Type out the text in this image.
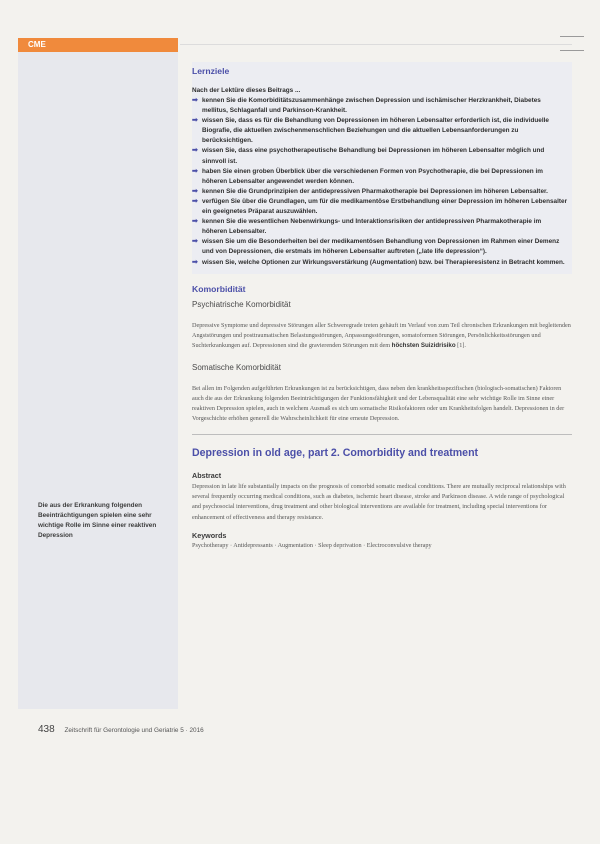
CME
Die aus der Erkrankung folgenden Beeinträchtigungen spielen eine sehr wichtige Rolle im Sinne einer reaktiven Depression
Lernziele
Nach der Lektüre dieses Beitrags ...
➡ kennen Sie die Komorbiditätszusammenhänge zwischen Depression und ischämischer Herzkrankheit, Diabetes mellitus, Schlaganfall und Parkinson-Krankheit.
➡ wissen Sie, dass es für die Behandlung von Depressionen im höheren Lebensalter erforderlich ist, die individuelle Biografie, die aktuellen zwischenmenschlichen Beziehungen und die aktuellen Lebensanforderungen zu berücksichtigen.
➡ wissen Sie, dass eine psychotherapeutische Behandlung bei Depressionen im höheren Lebensalter möglich und sinnvoll ist.
➡ haben Sie einen groben Überblick über die verschiedenen Formen von Psychotherapie, die bei Depressionen im höheren Lebensalter angewendet werden können.
➡ kennen Sie die Grundprinzipien der antidepressiven Pharmakotherapie bei Depressionen im höheren Lebensalter.
➡ verfügen Sie über die Grundlagen, um für die medikamentöse Erstbehandlung einer Depression im höheren Lebensalter ein geeignetes Präparat auszuwählen.
➡ kennen Sie die wesentlichen Nebenwirkungs- und Interaktionsrisiken der antidepressiven Pharmakotherapie im höheren Lebensalter.
➡ wissen Sie um die Besonderheiten bei der medikamentösen Behandlung von Depressionen im Rahmen einer Demenz und von Depressionen, die erstmals im höheren Lebensalter auftreten („late life depression“).
➡ wissen Sie, welche Optionen zur Wirkungsverstärkung (Augmentation) bzw. bei Therapieresistenz in Betracht kommen.
Komorbidität
Psychiatrische Komorbidität
Depressive Symptome und depressive Störungen aller Schweregrade treten gehäuft im Verlauf von zum Teil chronischen Erkrankungen mit begleitenden Angststörungen und posttraumatischen Belastungsstörungen, Anpassungsstörungen, somatoformen Störungen, Persönlichkeitsstörungen und Suchterkrankungen auf. Depressionen sind die gravierenden Störungen mit dem höchsten Suizidrisiko [1].
Somatische Komorbidität
Bei allen im Folgenden aufgeführten Erkrankungen ist zu berücksichtigen, dass neben den krankheitsspezifischen (biologisch-somatischen) Faktoren auch die aus der Erkrankung folgenden Beeinträchtigungen der Funktionsfähigkeit und der Lebensqualität eine sehr wichtige Rolle im Sinne einer reaktiven Depression spielen, auch in welchem Ausmaß es sich um somatische Risikofaktoren oder um Krankheitsfolgen handelt. Depressionen in der Vorgeschichte erhöhen generell die Wahrscheinlichkeit für eine erneute Depression.
Depression in old age, part 2. Comorbidity and treatment
Abstract
Depression in late life substantially impacts on the prognosis of comorbid somatic medical conditions. There are mutually reciprocal relationships with several frequently occurring medical conditions, such as diabetes, ischemic heart disease, stroke and Parkinson disease. A wide range of psychological and psychosocial interventions, drug treatment and other biological interventions are available for treatment, including special interventions for enhancement of effectiveness and therapy resistance.
Keywords
Psychotherapy · Antidepressants · Augmentation · Sleep deprivation · Electroconvulsive therapy
438 Zeitschrift für Gerontologie und Geriatrie 5 · 2016
